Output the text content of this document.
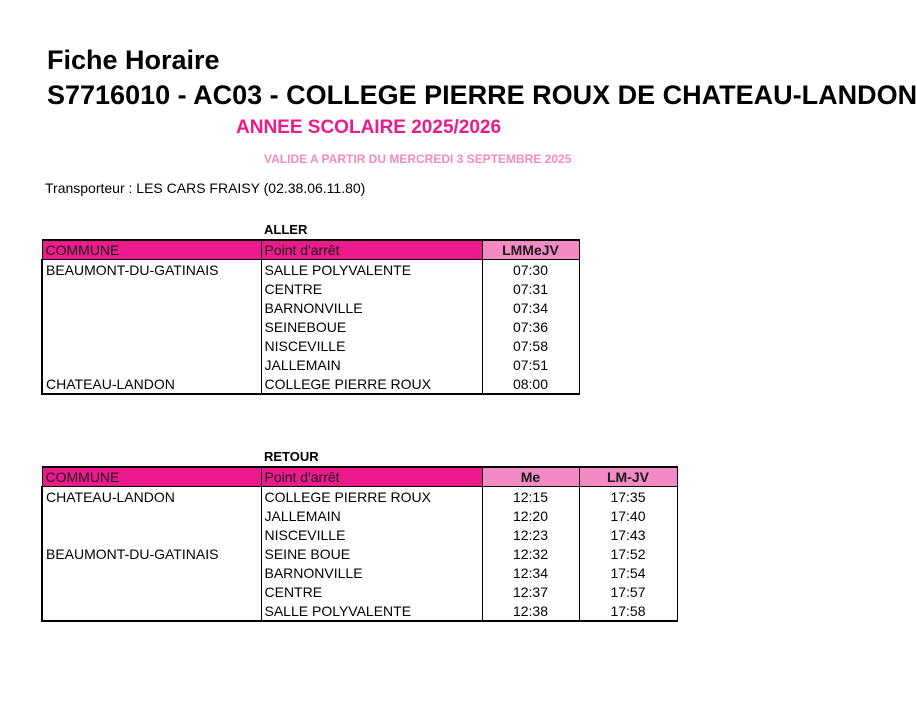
Fiche Horaire
S7716010 - AC03 - COLLEGE PIERRE ROUX DE CHATEAU-LANDON
ANNEE SCOLAIRE 2025/2026
VALIDE A PARTIR DU MERCREDI 3 SEPTEMBRE 2025
Transporteur : LES CARS FRAISY (02.38.06.11.80)
ALLER
COMMUNE	Point d'arrêt	LMMeJV
BEAUMONT-DU-GATINAIS	SALLE POLYVALENTE	07:30
	CENTRE	07:31
	BARNONVILLE	07:34
	SEINEBOUE	07:36
	NISCEVILLE	07:58
	JALLEMAIN	07:51
CHATEAU-LANDON	COLLEGE PIERRE ROUX	08:00
RETOUR
COMMUNE	Point d'arrêt	Me	LM-JV
CHATEAU-LANDON	COLLEGE PIERRE ROUX	12:15	17:35
	JALLEMAIN	12:20	17:40
	NISCEVILLE	12:23	17:43
BEAUMONT-DU-GATINAIS	SEINE BOUE	12:32	17:52
	BARNONVILLE	12:34	17:54
	CENTRE	12:37	17:57
	SALLE POLYVALENTE	12:38	17:58
